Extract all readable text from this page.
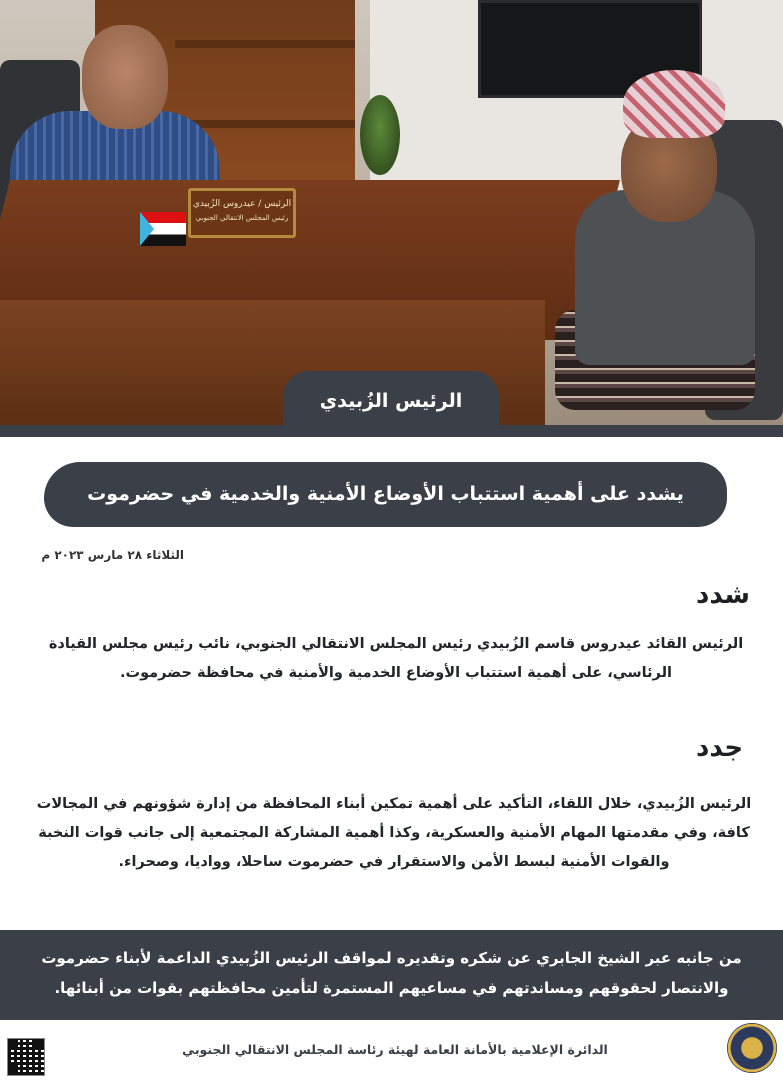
الرئيس / عيدروس الزُبيدي
رئيس المجلس الانتقالي الجنوبي
الرئيس الزُبيدي
يشدد على أهمية استتباب الأوضاع الأمنية والخدمية في حضرموت
الثلاثاء ٢٨ مارس ٢٠٢٣ م
شدد
الرئيس القائد عيدروس قاسم الزُبيدي رئيس المجلس الانتقالي الجنوبي، نائب رئيس مجلس القيادة الرئاسي، على أهمية استتباب الأوضاع الخدمية والأمنية في محافظة حضرموت.
جدد
الرئيس الزُبيدي، خلال اللقاء، التأكيد على أهمية تمكين أبناء المحافظة من إدارة شؤونهم في المجالات كافة، وفي مقدمتها المهام الأمنية والعسكرية، وكذا أهمية المشاركة المجتمعية إلى جانب قوات النخبة والقوات الأمنية لبسط الأمن والاستقرار في حضرموت ساحلا، وواديا، وصحراء.

من جانبه عبر الشيخ الجابري عن شكره وتقديره لمواقف الرئيس الزُبيدي الداعمة لأبناء حضرموت والانتصار لحقوقهم ومساندتهم في مساعيهم المستمرة لتأمين محافظتهم بقوات من أبنائها.

الدائرة الإعلامية بالأمانة العامة لهيئة رئاسة المجلس الانتقالي الجنوبي
